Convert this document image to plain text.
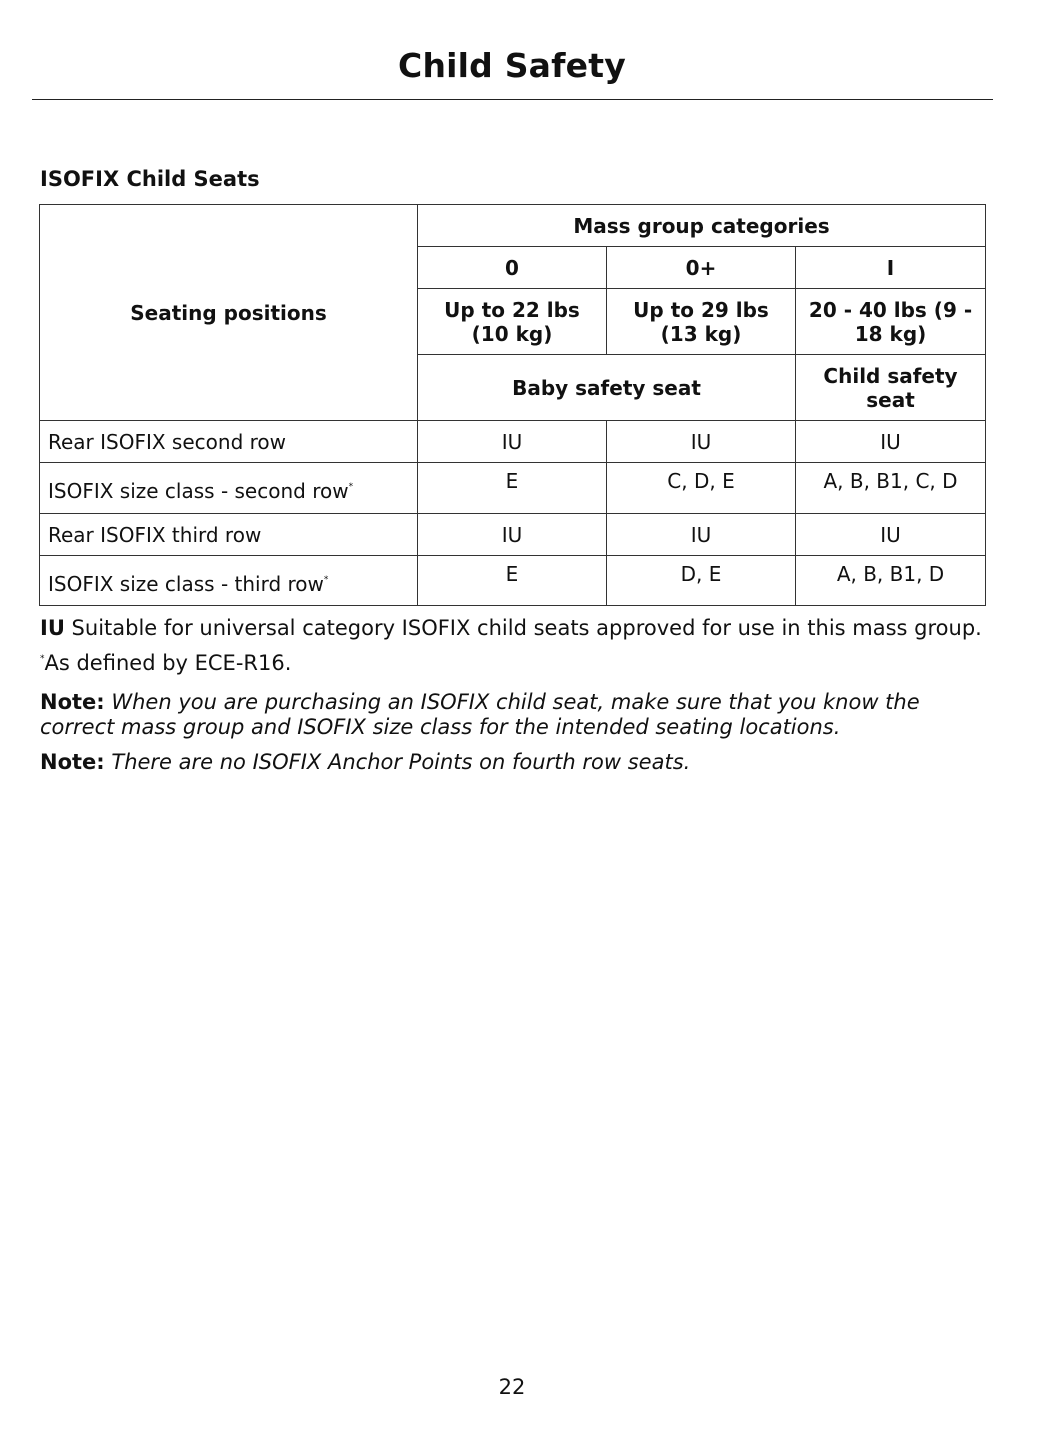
Child Safety
ISOFIX Child Seats
Seating positions	Mass group categories		
	0	0+	I
	Up to 22 lbs (10 kg)	Up to 29 lbs (13 kg)	20 - 40 lbs (9 - 18 kg)
	Baby safety seat		Child safety seat
Rear ISOFIX second row	IU	IU	IU
ISOFIX size class - second row*	E	C, D, E	A, B, B1, C, D
Rear ISOFIX third row	IU	IU	IU
ISOFIX size class - third row*	E	D, E	A, B, B1, D
IU Suitable for universal category ISOFIX child seats approved for use in this mass group.
*As defined by ECE-R16.
Note: When you are purchasing an ISOFIX child seat, make sure that you know the correct mass group and ISOFIX size class for the intended seating locations.
Note: There are no ISOFIX Anchor Points on fourth row seats.
22
